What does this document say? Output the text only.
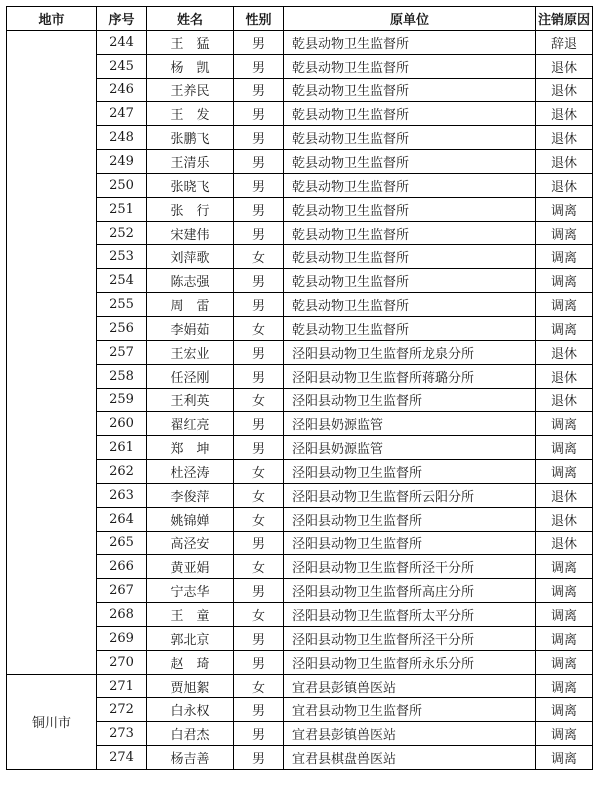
地市	序号	姓名	性别	原单位	注销原因
	244	王　猛	男	乾县动物卫生监督所	辞退
	245	杨　凯	男	乾县动物卫生监督所	退休
	246	王养民	男	乾县动物卫生监督所	退休
	247	王　发	男	乾县动物卫生监督所	退休
	248	张鹏飞	男	乾县动物卫生监督所	退休
	249	王清乐	男	乾县动物卫生监督所	退休
	250	张晓飞	男	乾县动物卫生监督所	退休
	251	张　行	男	乾县动物卫生监督所	调离
	252	宋建伟	男	乾县动物卫生监督所	调离
	253	刘萍歌	女	乾县动物卫生监督所	调离
	254	陈志强	男	乾县动物卫生监督所	调离
	255	周　雷	男	乾县动物卫生监督所	调离
	256	李娟茹	女	乾县动物卫生监督所	调离
	257	王宏业	男	泾阳县动物卫生监督所龙泉分所	退休
	258	任泾刚	男	泾阳县动物卫生监督所蒋璐分所	退休
	259	王利英	女	泾阳县动物卫生监督所	退休
	260	翟红亮	男	泾阳县奶源监管	调离
	261	郑　坤	男	泾阳县奶源监管	调离
	262	杜泾涛	女	泾阳县动物卫生监督所	调离
	263	李俊萍	女	泾阳县动物卫生监督所云阳分所	退休
	264	姚锦婵	女	泾阳县动物卫生监督所	退休
	265	高泾安	男	泾阳县动物卫生监督所	退休
	266	黄亚娟	女	泾阳县动物卫生监督所泾干分所	调离
	267	宁志华	男	泾阳县动物卫生监督所高庄分所	调离
	268	王　童	女	泾阳县动物卫生监督所太平分所	调离
	269	郭北京	男	泾阳县动物卫生监督所泾干分所	调离
	270	赵　琦	男	泾阳县动物卫生监督所永乐分所	调离
铜川市	271	贾旭絮	女	宜君县彭镇兽医站	调离
	272	白永权	男	宜君县动物卫生监督所	调离
	273	白君杰	男	宜君县彭镇兽医站	调离
	274	杨吉善	男	宜君县棋盘兽医站	调离
